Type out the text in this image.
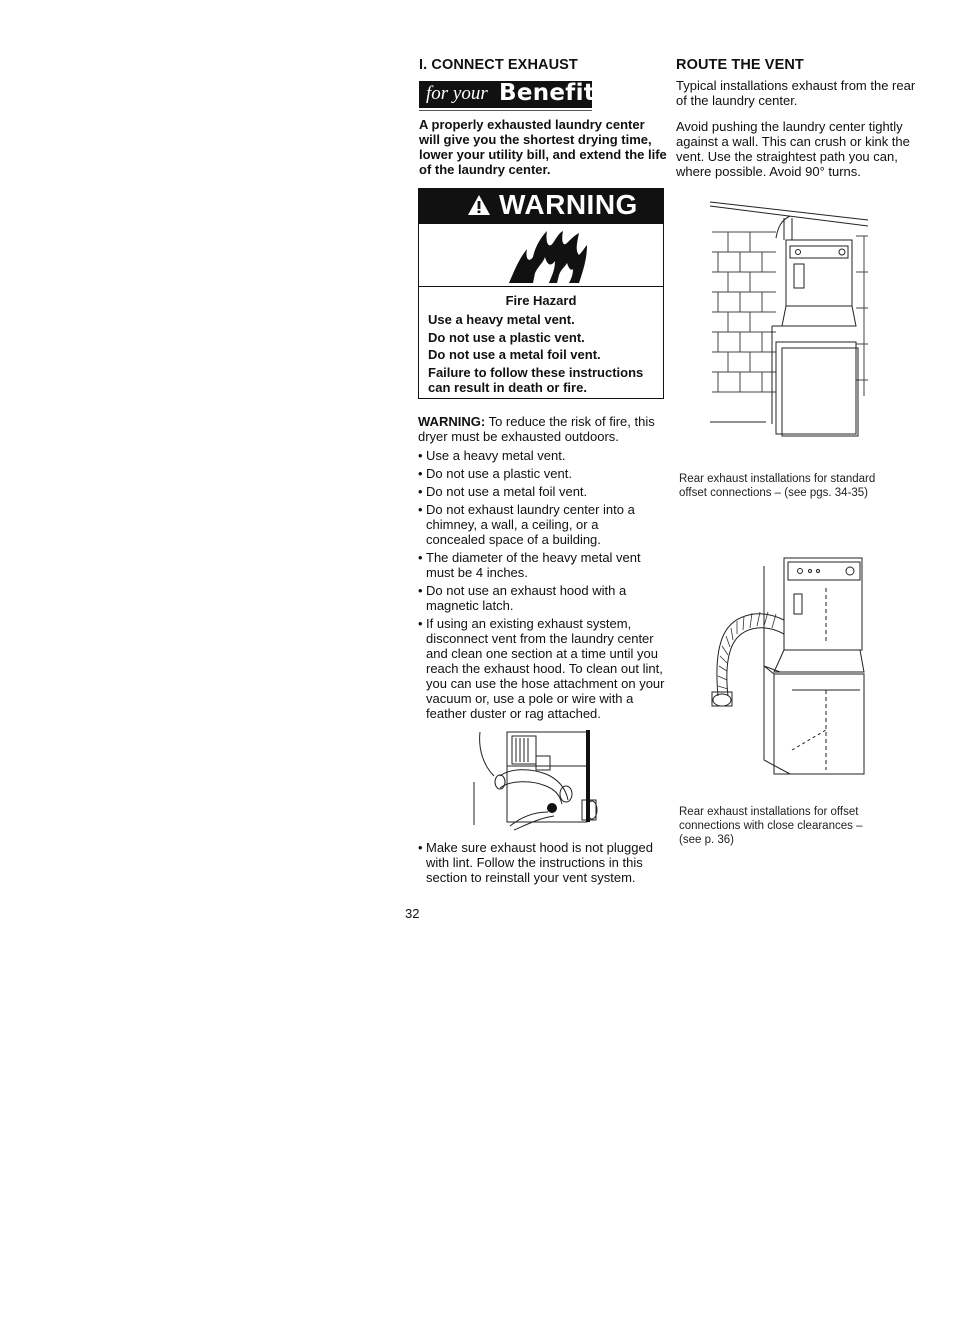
I. CONNECT EXHAUST
for your Benefit
A properly exhausted laundry center will give you the shortest drying time, lower your utility bill, and extend the life of the laundry center.
WARNING
Fire Hazard
Use a heavy metal vent.
Do not use a plastic vent.
Do not use a metal foil vent.
Failure to follow these instructions can result in death or fire.
WARNING: To reduce the risk of fire, this dryer must be exhausted outdoors.
• Use a heavy metal vent.
• Do not use a plastic vent.
• Do not use a metal foil vent.
• Do not exhaust laundry center into a chimney, a wall, a ceiling, or a concealed space of a building.
• The diameter of the heavy metal vent must be 4 inches.
• Do not use an exhaust hood with a magnetic latch.
• If using an existing exhaust system, disconnect vent from the laundry center and clean one section at a time until you reach the exhaust hood. To clean out lint, you can use the hose attachment on your vacuum or, use a pole or wire with a feather duster or rag attached.
• Make sure exhaust hood is not plugged with lint. Follow the instructions in this section to reinstall your vent system.
32
ROUTE THE VENT
Typical installations exhaust from the rear of the laundry center.
Avoid pushing the laundry center tightly against a wall. This can crush or kink the vent. Use the straightest path you can, where possible. Avoid 90° turns.
Rear exhaust installations for standard offset connections – (see pgs. 34-35)
Rear exhaust installations for offset connections with close clearances – (see p. 36)
